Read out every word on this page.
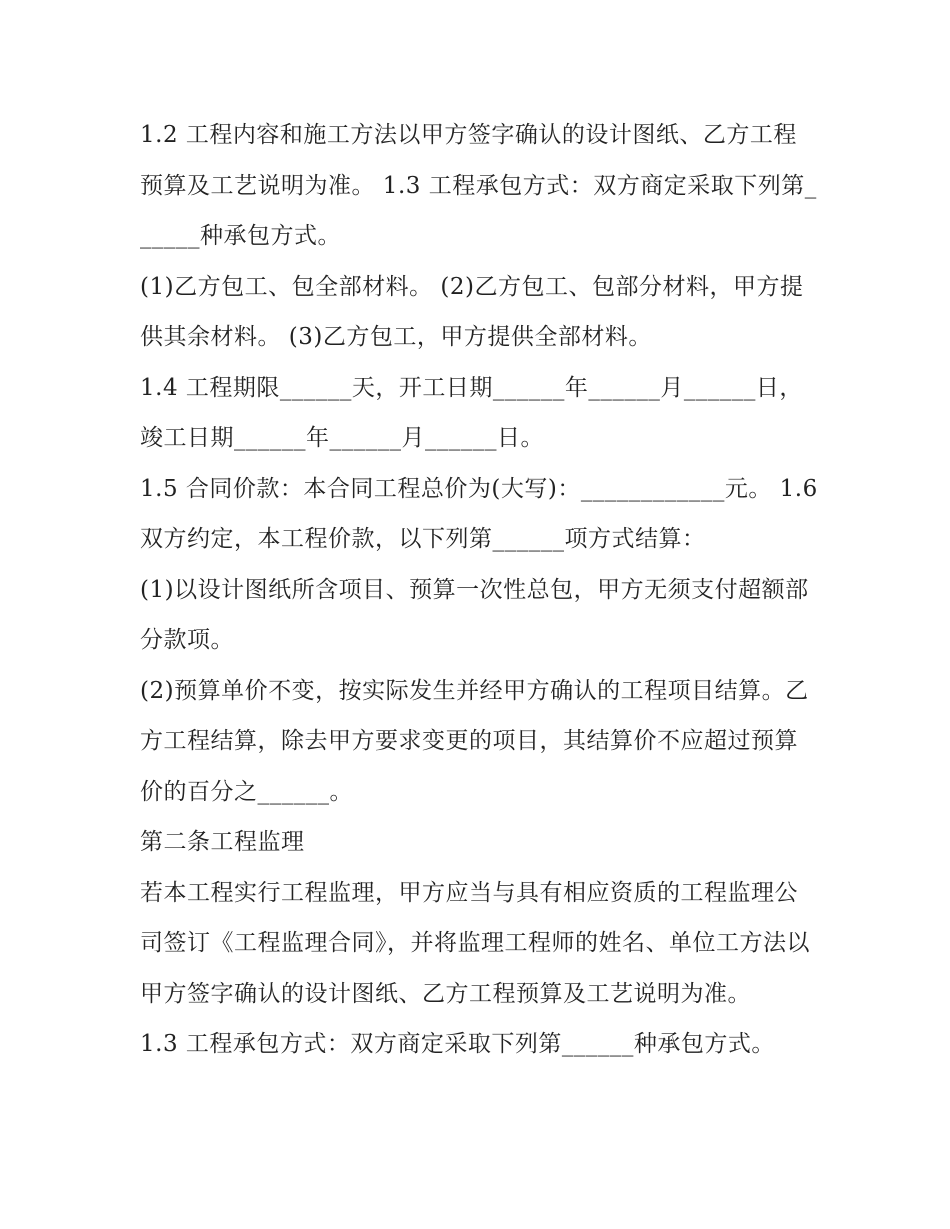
1.2 工程内容和施工方法以甲方签字确认的设计图纸、乙方工程预算及工艺说明为准。 1.3 工程承包方式：双方商定采取下列第______种承包方式。

(1)乙方包工、包全部材料。 (2)乙方包工、包部分材料，甲方提供其余材料。 (3)乙方包工，甲方提供全部材料。

1.4 工程期限______天，开工日期______年______月______日，竣工日期______年______月______日。

1.5 合同价款：本合同工程总价为(大写)：____________元。 1.6 双方约定，本工程价款，以下列第______项方式结算：

(1)以设计图纸所含项目、预算一次性总包，甲方无须支付超额部分款项。

(2)预算单价不变，按实际发生并经甲方确认的工程项目结算。乙方工程结算，除去甲方要求变更的项目，其结算价不应超过预算价的百分之______。

第二条工程监理

若本工程实行工程监理，甲方应当与具有相应资质的工程监理公司签订《工程监理合同》，并将监理工程师的姓名、单位工方法以甲方签字确认的设计图纸、乙方工程预算及工艺说明为准。

1.3 工程承包方式：双方商定采取下列第______种承包方式。
